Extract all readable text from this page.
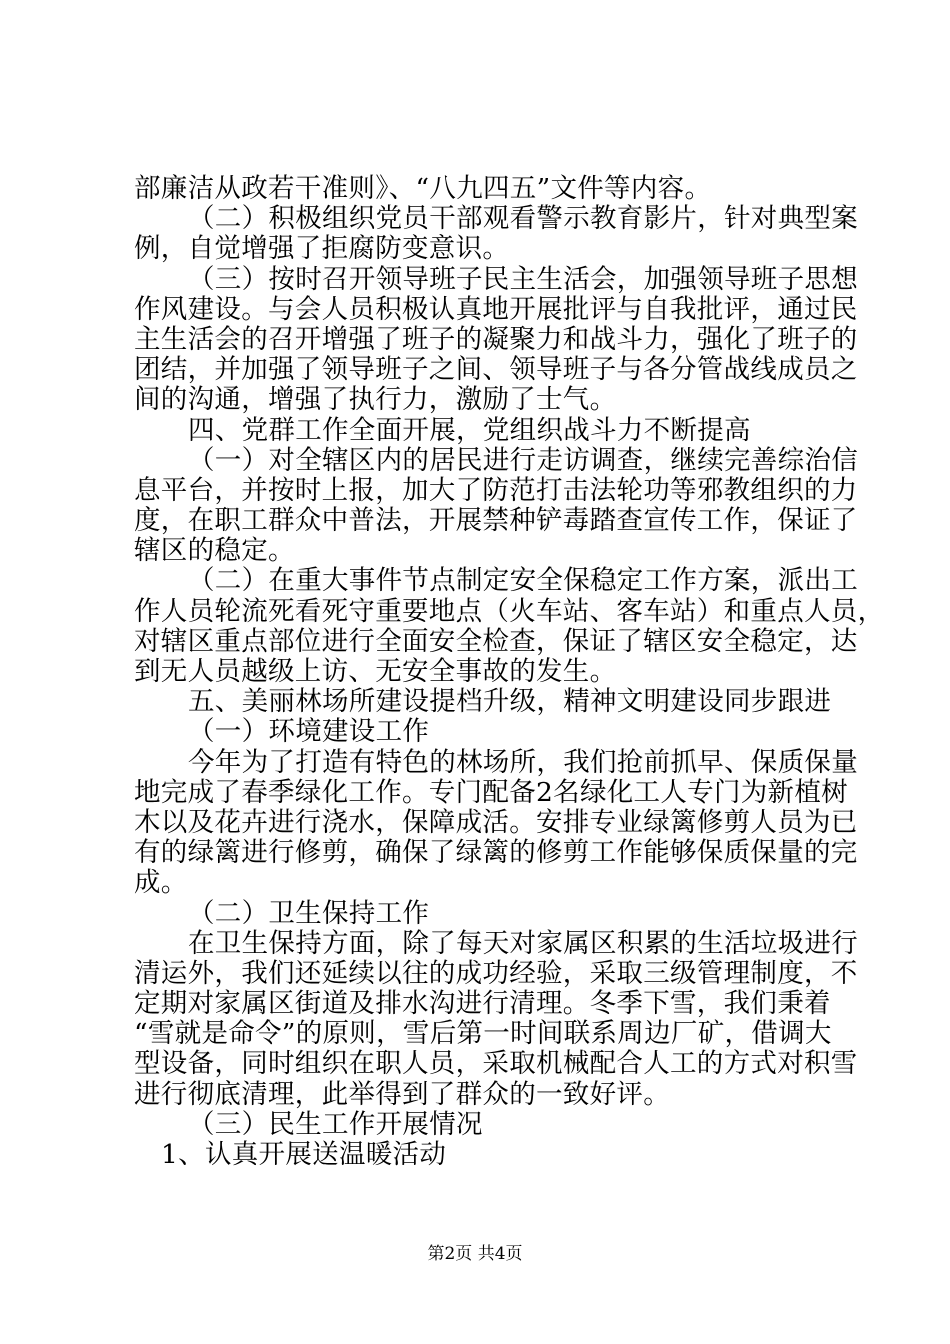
部廉洁从政若干准则》、“八九四五”文件等内容。
（二）积极组织党员干部观看警示教育影片，针对典型案
例，自觉增强了拒腐防变意识。
（三）按时召开领导班子民主生活会，加强领导班子思想
作风建设。与会人员积极认真地开展批评与自我批评，通过民
主生活会的召开增强了班子的凝聚力和战斗力，强化了班子的
团结，并加强了领导班子之间、领导班子与各分管战线成员之
间的沟通，增强了执行力，激励了士气。
四、党群工作全面开展，党组织战斗力不断提高
（一）对全辖区内的居民进行走访调查，继续完善综治信
息平台，并按时上报，加大了防范打击法轮功等邪教组织的力
度，在职工群众中普法，开展禁种铲毒踏查宣传工作，保证了
辖区的稳定。
（二）在重大事件节点制定安全保稳定工作方案，派出工
作人员轮流死看死守重要地点（火车站、客车站）和重点人员，
对辖区重点部位进行全面安全检查，保证了辖区安全稳定，达
到无人员越级上访、无安全事故的发生。
五、美丽林场所建设提档升级，精神文明建设同步跟进
（一）环境建设工作
今年为了打造有特色的林场所，我们抢前抓早、保质保量
地完成了春季绿化工作。专门配备2名绿化工人专门为新植树
木以及花卉进行浇水，保障成活。安排专业绿篱修剪人员为已
有的绿篱进行修剪，确保了绿篱的修剪工作能够保质保量的完
成。
（二）卫生保持工作
在卫生保持方面，除了每天对家属区积累的生活垃圾进行
清运外，我们还延续以往的成功经验，采取三级管理制度，不
定期对家属区街道及排水沟进行清理。冬季下雪，我们秉着
“雪就是命令”的原则，雪后第一时间联系周边厂矿，借调大
型设备，同时组织在职人员，采取机械配合人工的方式对积雪
进行彻底清理，此举得到了群众的一致好评。
（三）民生工作开展情况
1、认真开展送温暖活动
第2页 共4页
